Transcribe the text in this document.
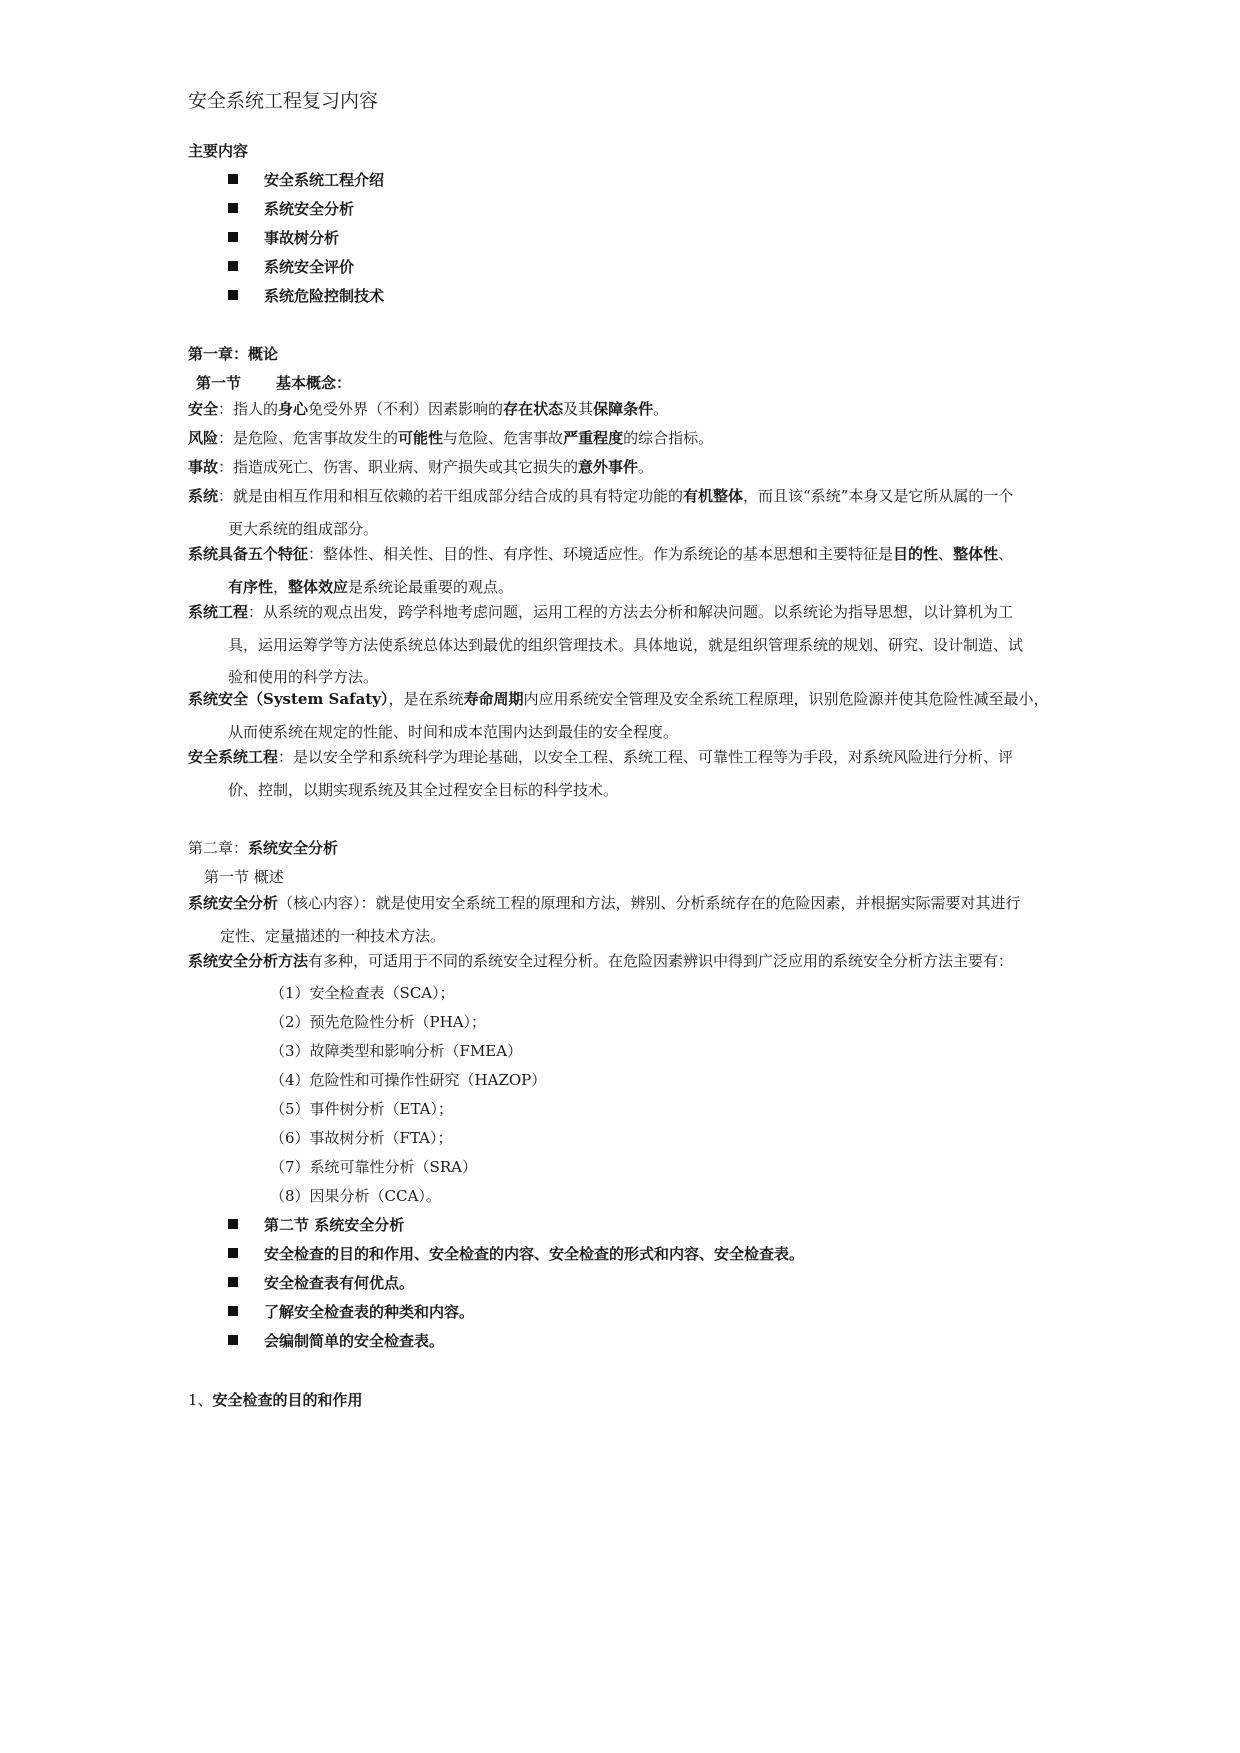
安全系统工程复习内容
主要内容
安全系统工程介绍
系统安全分析
事故树分析
系统安全评价
系统危险控制技术
第一章：概论
第一节 基本概念：
安全：指人的身心免受外界（不利）因素影响的存在状态及其保障条件。
风险：是危险、危害事故发生的可能性与危险、危害事故严重程度的综合指标。
事故：指造成死亡、伤害、职业病、财产损失或其它损失的意外事件。
系统：就是由相互作用和相互依赖的若干组成部分结合成的具有特定功能的有机整体，而且该“系统”本身又是它所从属的一个
更大系统的组成部分。
系统具备五个特征：整体性、相关性、目的性、有序性、环境适应性。作为系统论的基本思想和主要特征是目的性、整体性、
有序性，整体效应是系统论最重要的观点。
系统工程：从系统的观点出发，跨学科地考虑问题，运用工程的方法去分析和解决问题。以系统论为指导思想，以计算机为工
具，运用运筹学等方法使系统总体达到最优的组织管理技术。具体地说，就是组织管理系统的规划、研究、设计制造、试
验和使用的科学方法。
系统安全（System Safaty），是在系统寿命周期内应用系统安全管理及安全系统工程原理，识别危险源并使其危险性减至最小，
从而使系统在规定的性能、时间和成本范围内达到最佳的安全程度。
安全系统工程：是以安全学和系统科学为理论基础，以安全工程、系统工程、可靠性工程等为手段，对系统风险进行分析、评
价、控制，以期实现系统及其全过程安全目标的科学技术。
第二章：系统安全分析
第一节 概述
系统安全分析（核心内容）：就是使用安全系统工程的原理和方法，辨别、分析系统存在的危险因素，并根据实际需要对其进行
定性、定量描述的一种技术方法。
系统安全分析方法有多种，可适用于不同的系统安全过程分析。在危险因素辨识中得到广泛应用的系统安全分析方法主要有：
（1）安全检查表（SCA）；
（2）预先危险性分析（PHA）；
（3）故障类型和影响分析（FMEA）
（4）危险性和可操作性研究（HAZOP）
（5）事件树分析（ETA）；
（6）事故树分析（FTA）；
（7）系统可靠性分析（SRA）
（8）因果分析（CCA）。
第二节 系统安全分析
安全检查的目的和作用、安全检查的内容、安全检查的形式和内容、安全检查表。
安全检查表有何优点。
了解安全检查表的种类和内容。
会编制简单的安全检查表。
1、安全检查的目的和作用
